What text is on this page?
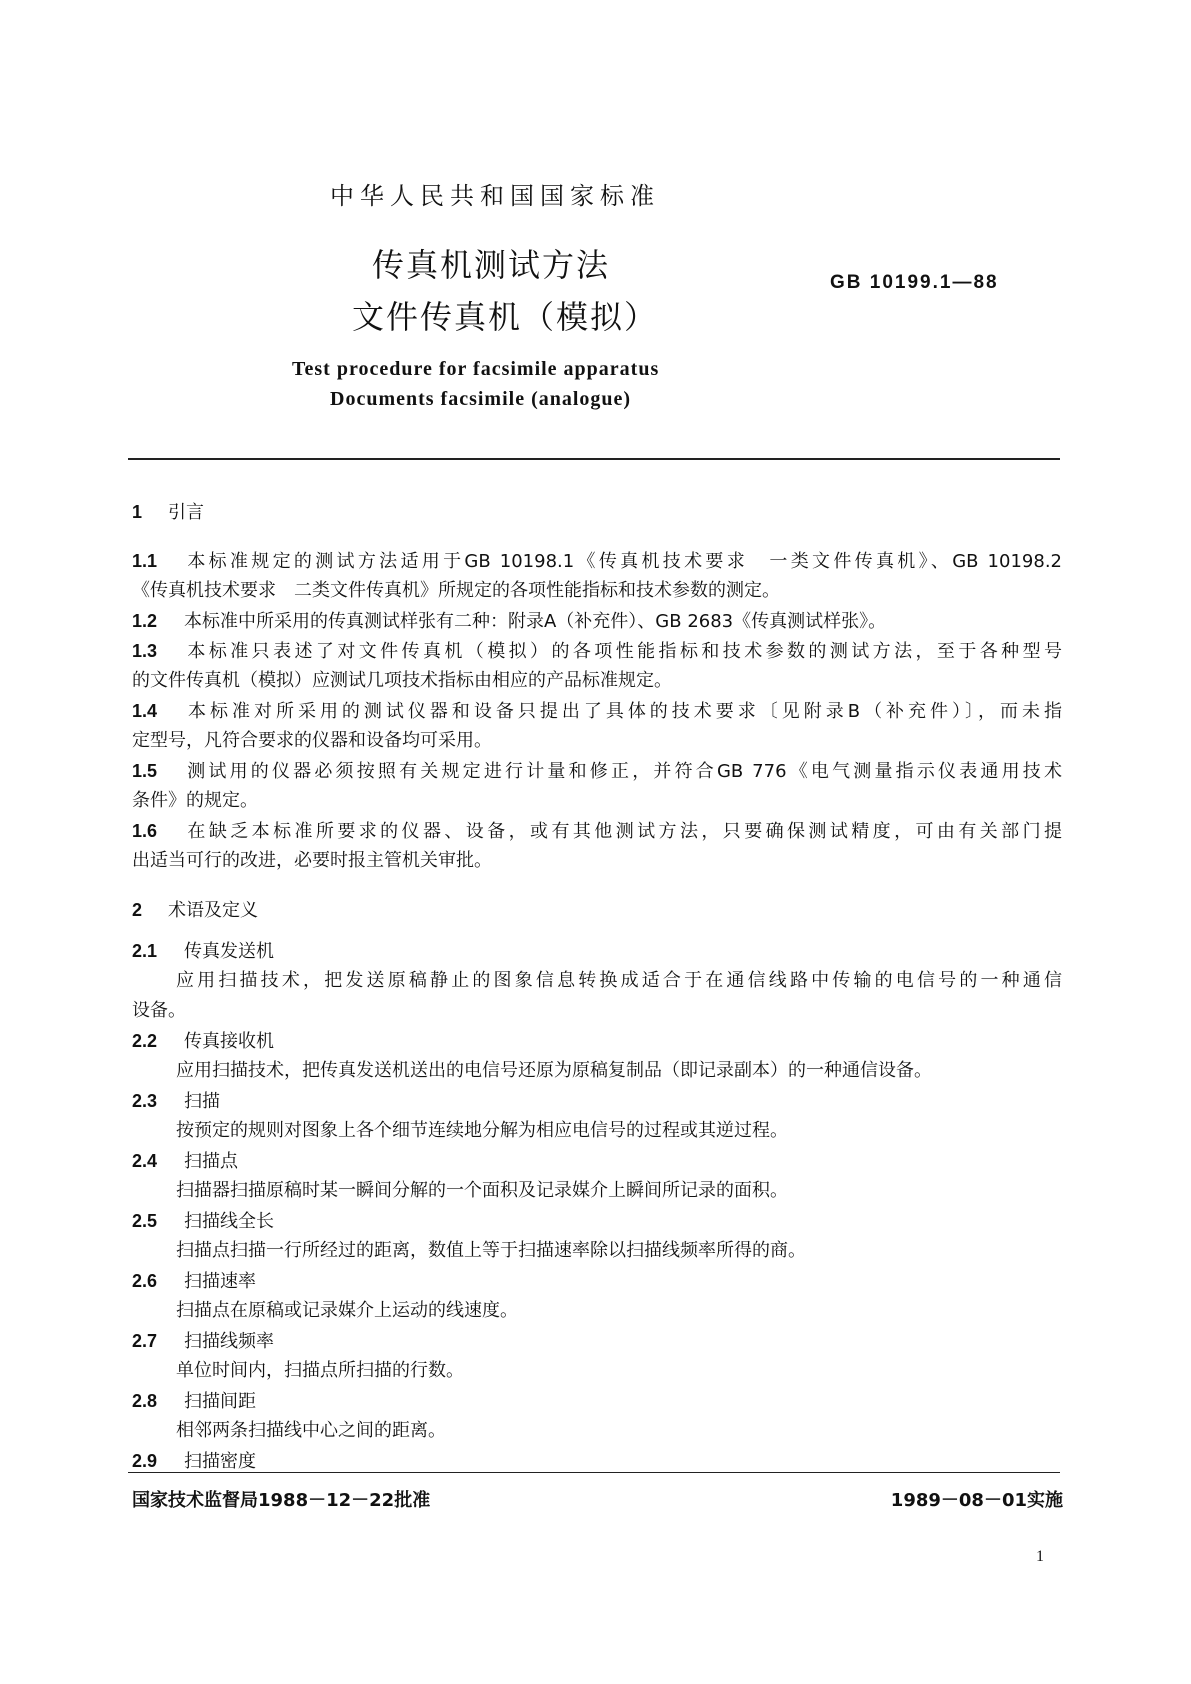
中华人民共和国国家标准
传真机测试方法
文件传真机（模拟）
GB 10199.1—88
Test procedure for facsimile apparatus
Documents facsimile (analogue)
1 引言
1.1 本标准规定的测试方法适用于GB 10198.1《传真机技术要求　一类文件传真机》、GB 10198.2
《传真机技术要求　二类文件传真机》所规定的各项性能指标和技术参数的测定。
1.2 本标准中所采用的传真测试样张有二种：附录A（补充件）、GB 2683《传真测试样张》。
1.3 本标准只表述了对文件传真机（模拟）的各项性能指标和技术参数的测试方法，至于各种型号
的文件传真机（模拟）应测试几项技术指标由相应的产品标准规定。
1.4 本标准对所采用的测试仪器和设备只提出了具体的技术要求〔见附录B（补充件）〕，而未指
定型号，凡符合要求的仪器和设备均可采用。
1.5 测试用的仪器必须按照有关规定进行计量和修正，并符合GB 776《电气测量指示仪表通用技术
条件》的规定。
1.6 在缺乏本标准所要求的仪器、设备，或有其他测试方法，只要确保测试精度，可由有关部门提
出适当可行的改进，必要时报主管机关审批。
2 术语及定义
2.1 传真发送机
应用扫描技术，把发送原稿静止的图象信息转换成适合于在通信线路中传输的电信号的一种通信
设备。
2.2 传真接收机
应用扫描技术，把传真发送机送出的电信号还原为原稿复制品（即记录副本）的一种通信设备。
2.3 扫描
按预定的规则对图象上各个细节连续地分解为相应电信号的过程或其逆过程。
2.4 扫描点
扫描器扫描原稿时某一瞬间分解的一个面积及记录媒介上瞬间所记录的面积。
2.5 扫描线全长
扫描点扫描一行所经过的距离，数值上等于扫描速率除以扫描线频率所得的商。
2.6 扫描速率
扫描点在原稿或记录媒介上运动的线速度。
2.7 扫描线频率
单位时间内，扫描点所扫描的行数。
2.8 扫描间距
相邻两条扫描线中心之间的距离。
2.9 扫描密度
国家技术监督局1988－12－22批准	1989－08－01实施
1
